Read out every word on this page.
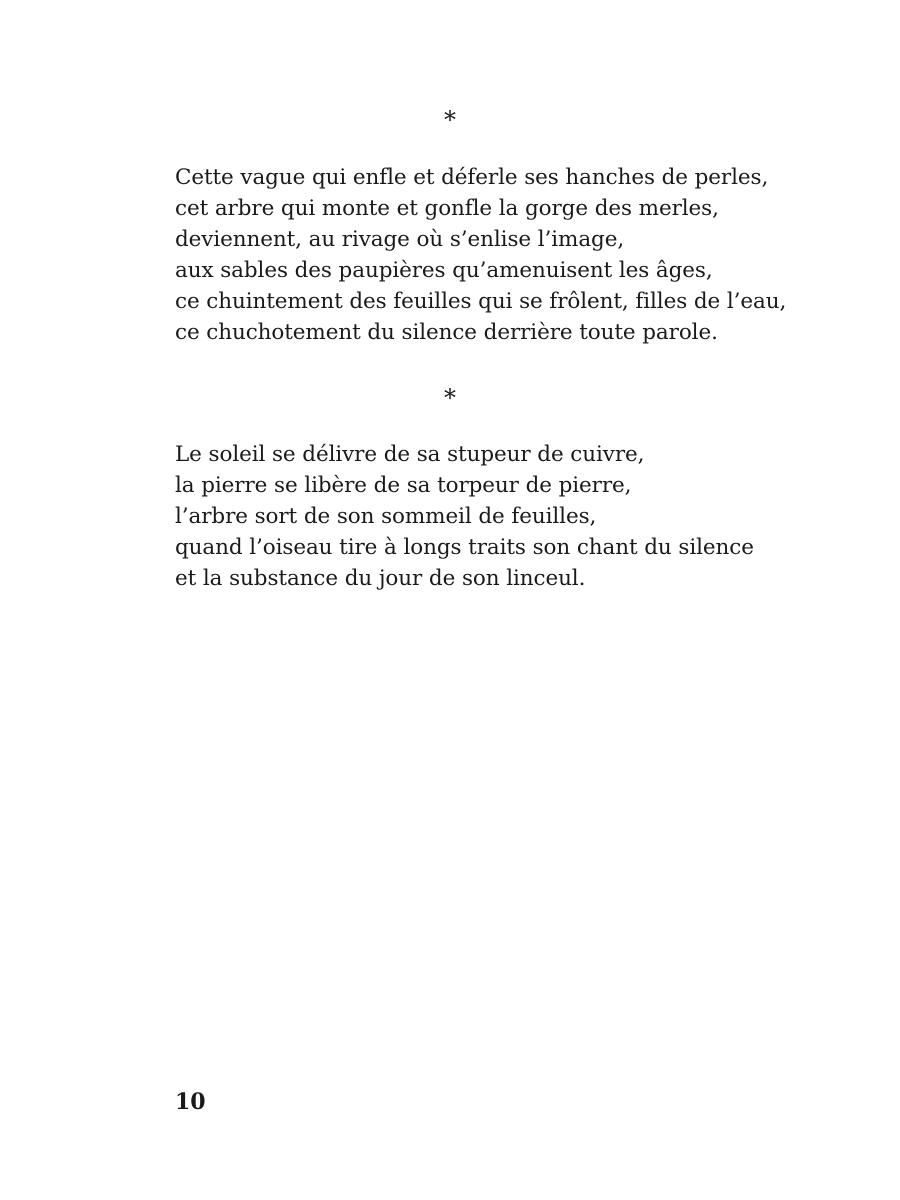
*
Cette vague qui enfle et déferle ses hanches de perles,
cet arbre qui monte et gonfle la gorge des merles,
deviennent, au rivage où s’enlise l’image,
aux sables des paupières qu’amenuisent les âges,
ce chuintement des feuilles qui se frôlent, filles de l’eau,
ce chuchotement du silence derrière toute parole.
*
Le soleil se délivre de sa stupeur de cuivre,
la pierre se libère de sa torpeur de pierre,
l’arbre sort de son sommeil de feuilles,
quand l’oiseau tire à longs traits son chant du silence
et la substance du jour de son linceul.
10
